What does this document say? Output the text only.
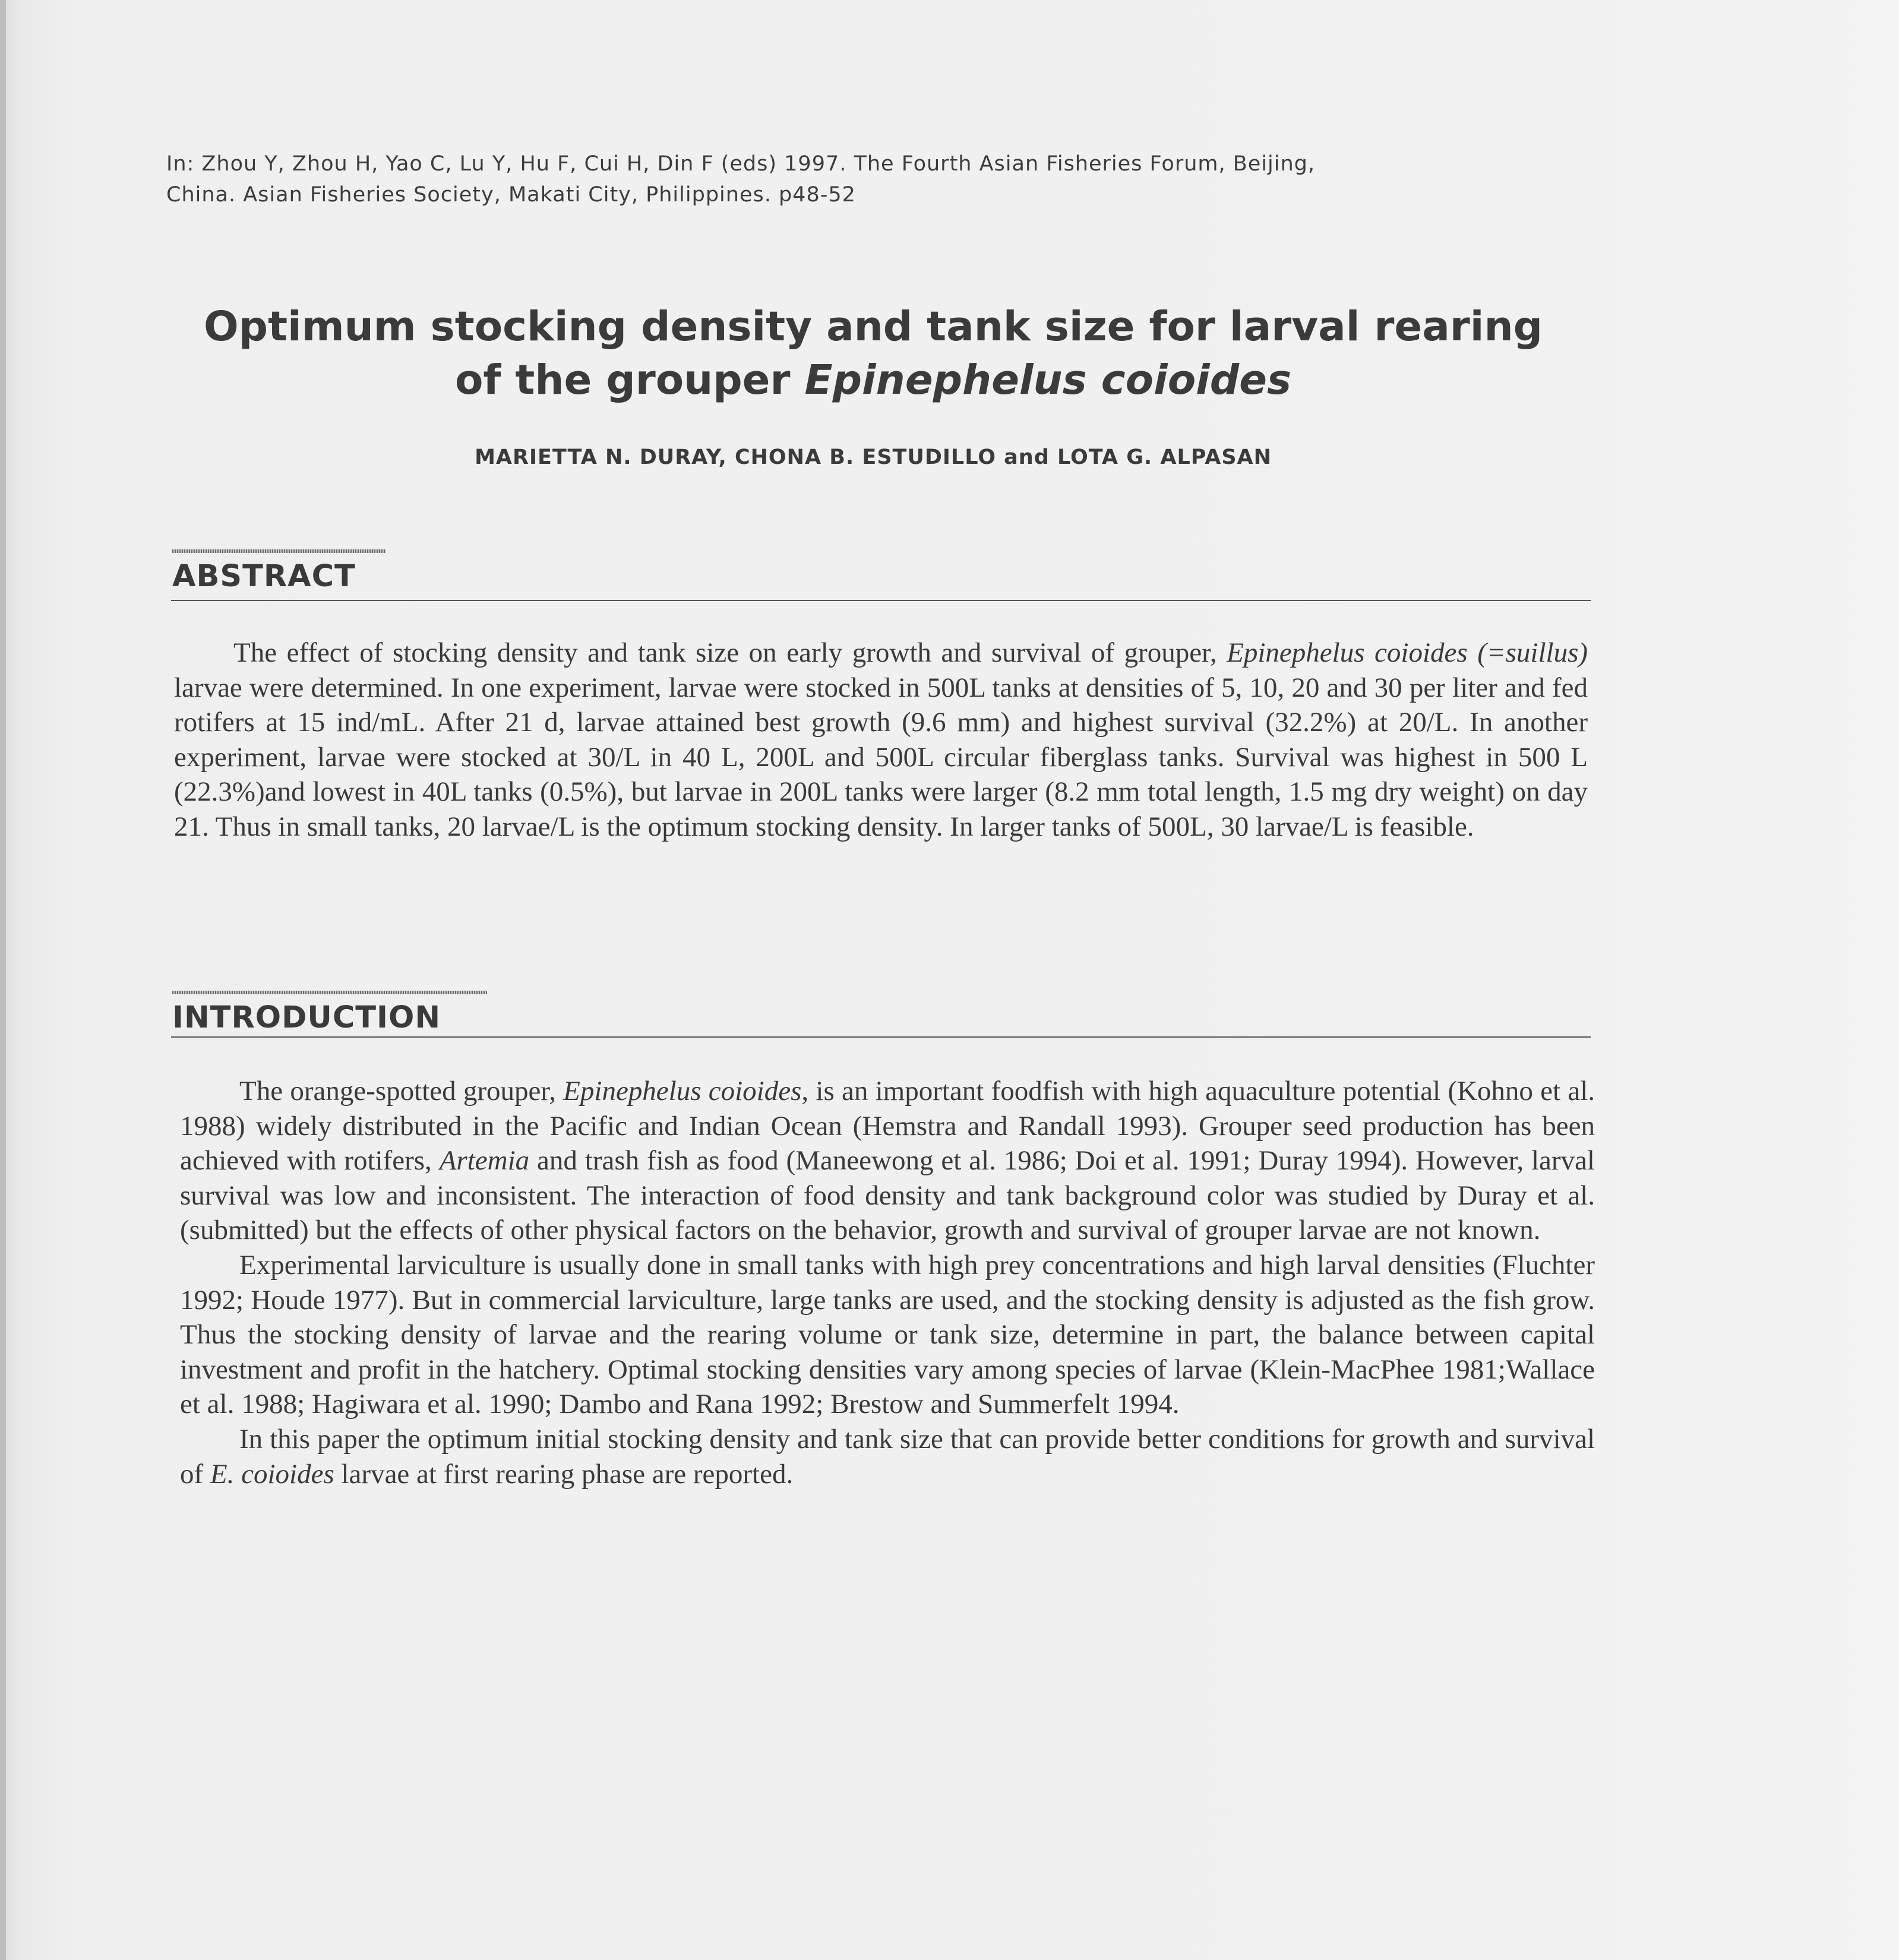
In: Zhou Y, Zhou H, Yao C, Lu Y, Hu F, Cui H, Din F (eds) 1997. The Fourth Asian Fisheries Forum, Beijing,
China. Asian Fisheries Society, Makati City, Philippines. p48-52
Optimum stocking density and tank size for larval rearing
of the grouper Epinephelus coioides
MARIETTA N. DURAY, CHONA B. ESTUDILLO and LOTA G. ALPASAN
ABSTRACT

The effect of stocking density and tank size on early growth and survival of grouper, Epinephelus coioides (=suillus) larvae were determined. In one experiment, larvae were stocked in 500L tanks at densities of 5, 10, 20 and 30 per liter and fed rotifers at 15 ind/mL. After 21 d, larvae attained best growth (9.6 mm) and highest survival (32.2%) at 20/L. In another experiment, larvae were stocked at 30/L in 40 L, 200L and 500L circular fiberglass tanks. Survival was highest in 500 L (22.3%)and lowest in 40L tanks (0.5%), but larvae in 200L tanks were larger (8.2 mm total length, 1.5 mg dry weight) on day 21. Thus in small tanks, 20 larvae/L is the optimum stocking density. In larger tanks of 500L, 30 larvae/L is feasible.

INTRODUCTION

The orange-spotted grouper, Epinephelus coioides, is an important foodfish with high aquaculture potential (Kohno et al. 1988) widely distributed in the Pacific and Indian Ocean (Hemstra and Randall 1993). Grouper seed production has been achieved with rotifers, Artemia and trash fish as food (Maneewong et al. 1986; Doi et al. 1991; Duray 1994). However, larval survival was low and inconsistent. The interaction of food density and tank background color was studied by Duray et al. (submitted) but the effects of other physical factors on the behavior, growth and survival of grouper larvae are not known.

Experimental larviculture is usually done in small tanks with high prey concentrations and high larval densities (Fluchter 1992; Houde 1977). But in commercial larviculture, large tanks are used, and the stocking density is adjusted as the fish grow. Thus the stocking density of larvae and the rearing volume or tank size, determine in part, the balance between capital investment and profit in the hatchery. Optimal stocking densities vary among species of larvae (Klein-MacPhee 1981;Wallace et al. 1988; Hagiwara et al. 1990; Dambo and Rana 1992; Brestow and Summerfelt 1994.

In this paper the optimum initial stocking density and tank size that can provide better conditions for growth and survival of E. coioides larvae at first rearing phase are reported.
